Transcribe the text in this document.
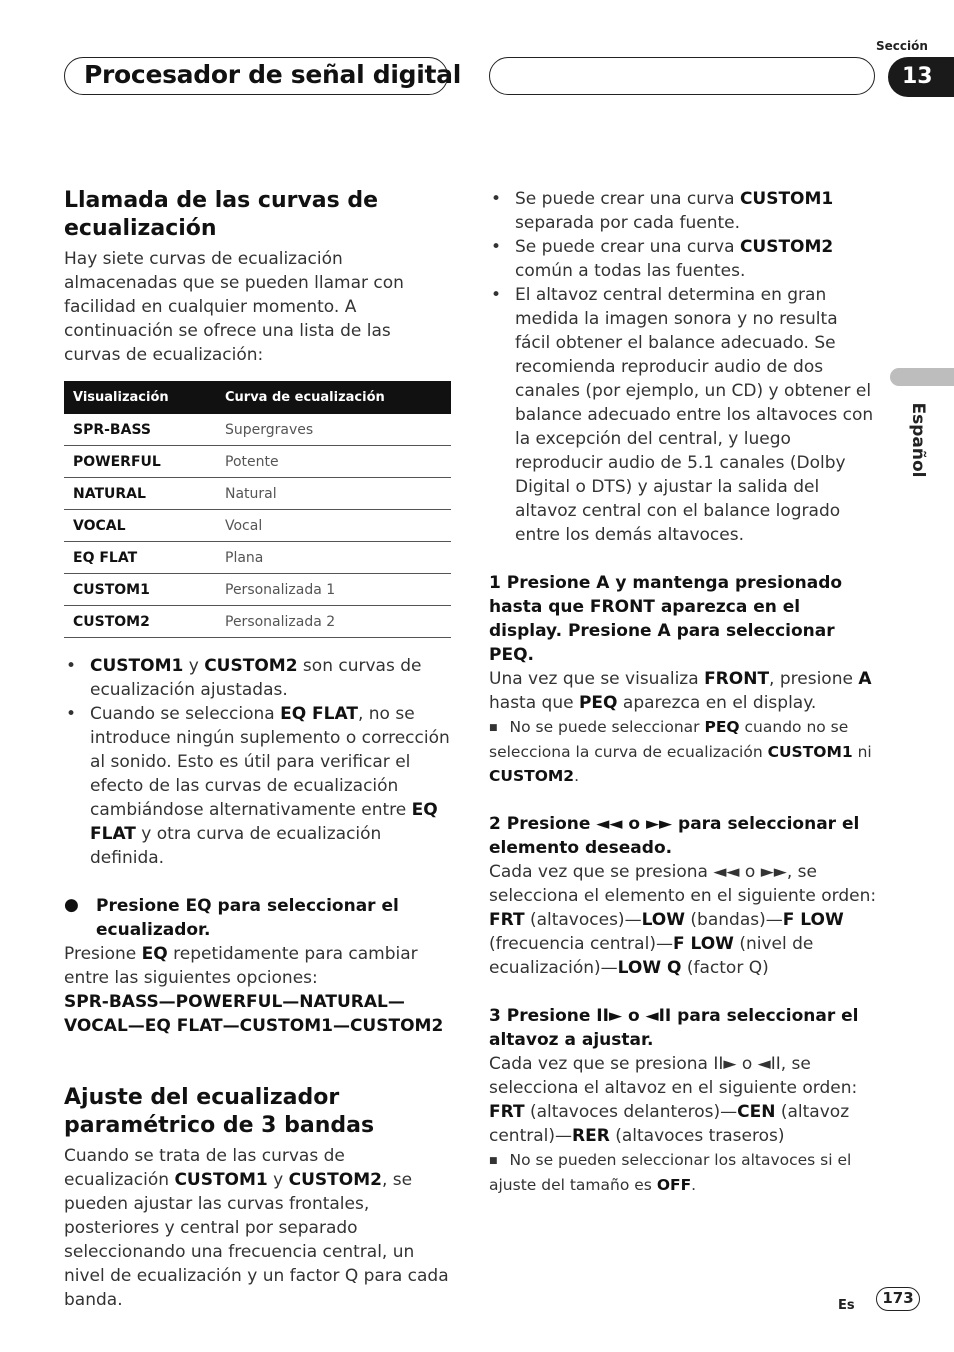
Procesador de señal digital
Sección
13
Español
Llamada de las curvas de ecualización

Hay siete curvas de ecualización almacenadas que se pueden llamar con facilidad en cualquier momento. A continuación se ofrece una lista de las curvas de ecualización:

Visualización	Curva de ecualización
SPR-BASS	Supergraves
POWERFUL	Potente
NATURAL	Natural
VOCAL	Vocal
EQ FLAT	Plana
CUSTOM1	Personalizada 1
CUSTOM2	Personalizada 2
• CUSTOM1 y CUSTOM2 son curvas de ecualización ajustadas.
• Cuando se selecciona EQ FLAT, no se introduce ningún suplemento o corrección al sonido. Esto es útil para verificar el efecto de las curvas de ecualización cambiándose alternativamente entre EQ FLAT y otra curva de ecualización definida.

● Presione EQ para seleccionar el ecualizador.

Presione EQ repetidamente para cambiar entre las siguientes opciones:

SPR-BASS—POWERFUL—NATURAL—VOCAL—EQ FLAT—CUSTOM1—CUSTOM2

Ajuste del ecualizador paramétrico de 3 bandas

Cuando se trata de las curvas de ecualización CUSTOM1 y CUSTOM2, se pueden ajustar las curvas frontales, posteriores y central por separado seleccionando una frecuencia central, un nivel de ecualización y un factor Q para cada banda.

• Se puede crear una curva CUSTOM1 separada por cada fuente.
• Se puede crear una curva CUSTOM2 común a todas las fuentes.
• El altavoz central determina en gran medida la imagen sonora y no resulta fácil obtener el balance adecuado. Se recomienda reproducir audio de dos canales (por ejemplo, un CD) y obtener el balance adecuado entre los altavoces con la excepción del central, y luego reproducir audio de 5.1 canales (Dolby Digital o DTS) y ajustar la salida del altavoz central con el balance logrado entre los demás altavoces.

1 Presione A y mantenga presionado hasta que FRONT aparezca en el display. Presione A para seleccionar PEQ.

Una vez que se visualiza FRONT, presione A hasta que PEQ aparezca en el display.

■ No se puede seleccionar PEQ cuando no se selecciona la curva de ecualización CUSTOM1 ni CUSTOM2.

2 Presione ◄◄ o ►► para seleccionar el elemento deseado.

Cada vez que se presiona ◄◄ o ►►, se selecciona el elemento en el siguiente orden:

FRT (altavoces)—LOW (bandas)—F LOW (frecuencia central)—F LOW (nivel de ecualización)—LOW Q (factor Q)

3 Presione II► o ◄II para seleccionar el altavoz a ajustar.

Cada vez que se presiona II► o ◄II, se selecciona el altavoz en el siguiente orden:

FRT (altavoces delanteros)—CEN (altavoz central)—RER (altavoces traseros)

■ No se pueden seleccionar los altavoces si el ajuste del tamaño es OFF.

Es	173
